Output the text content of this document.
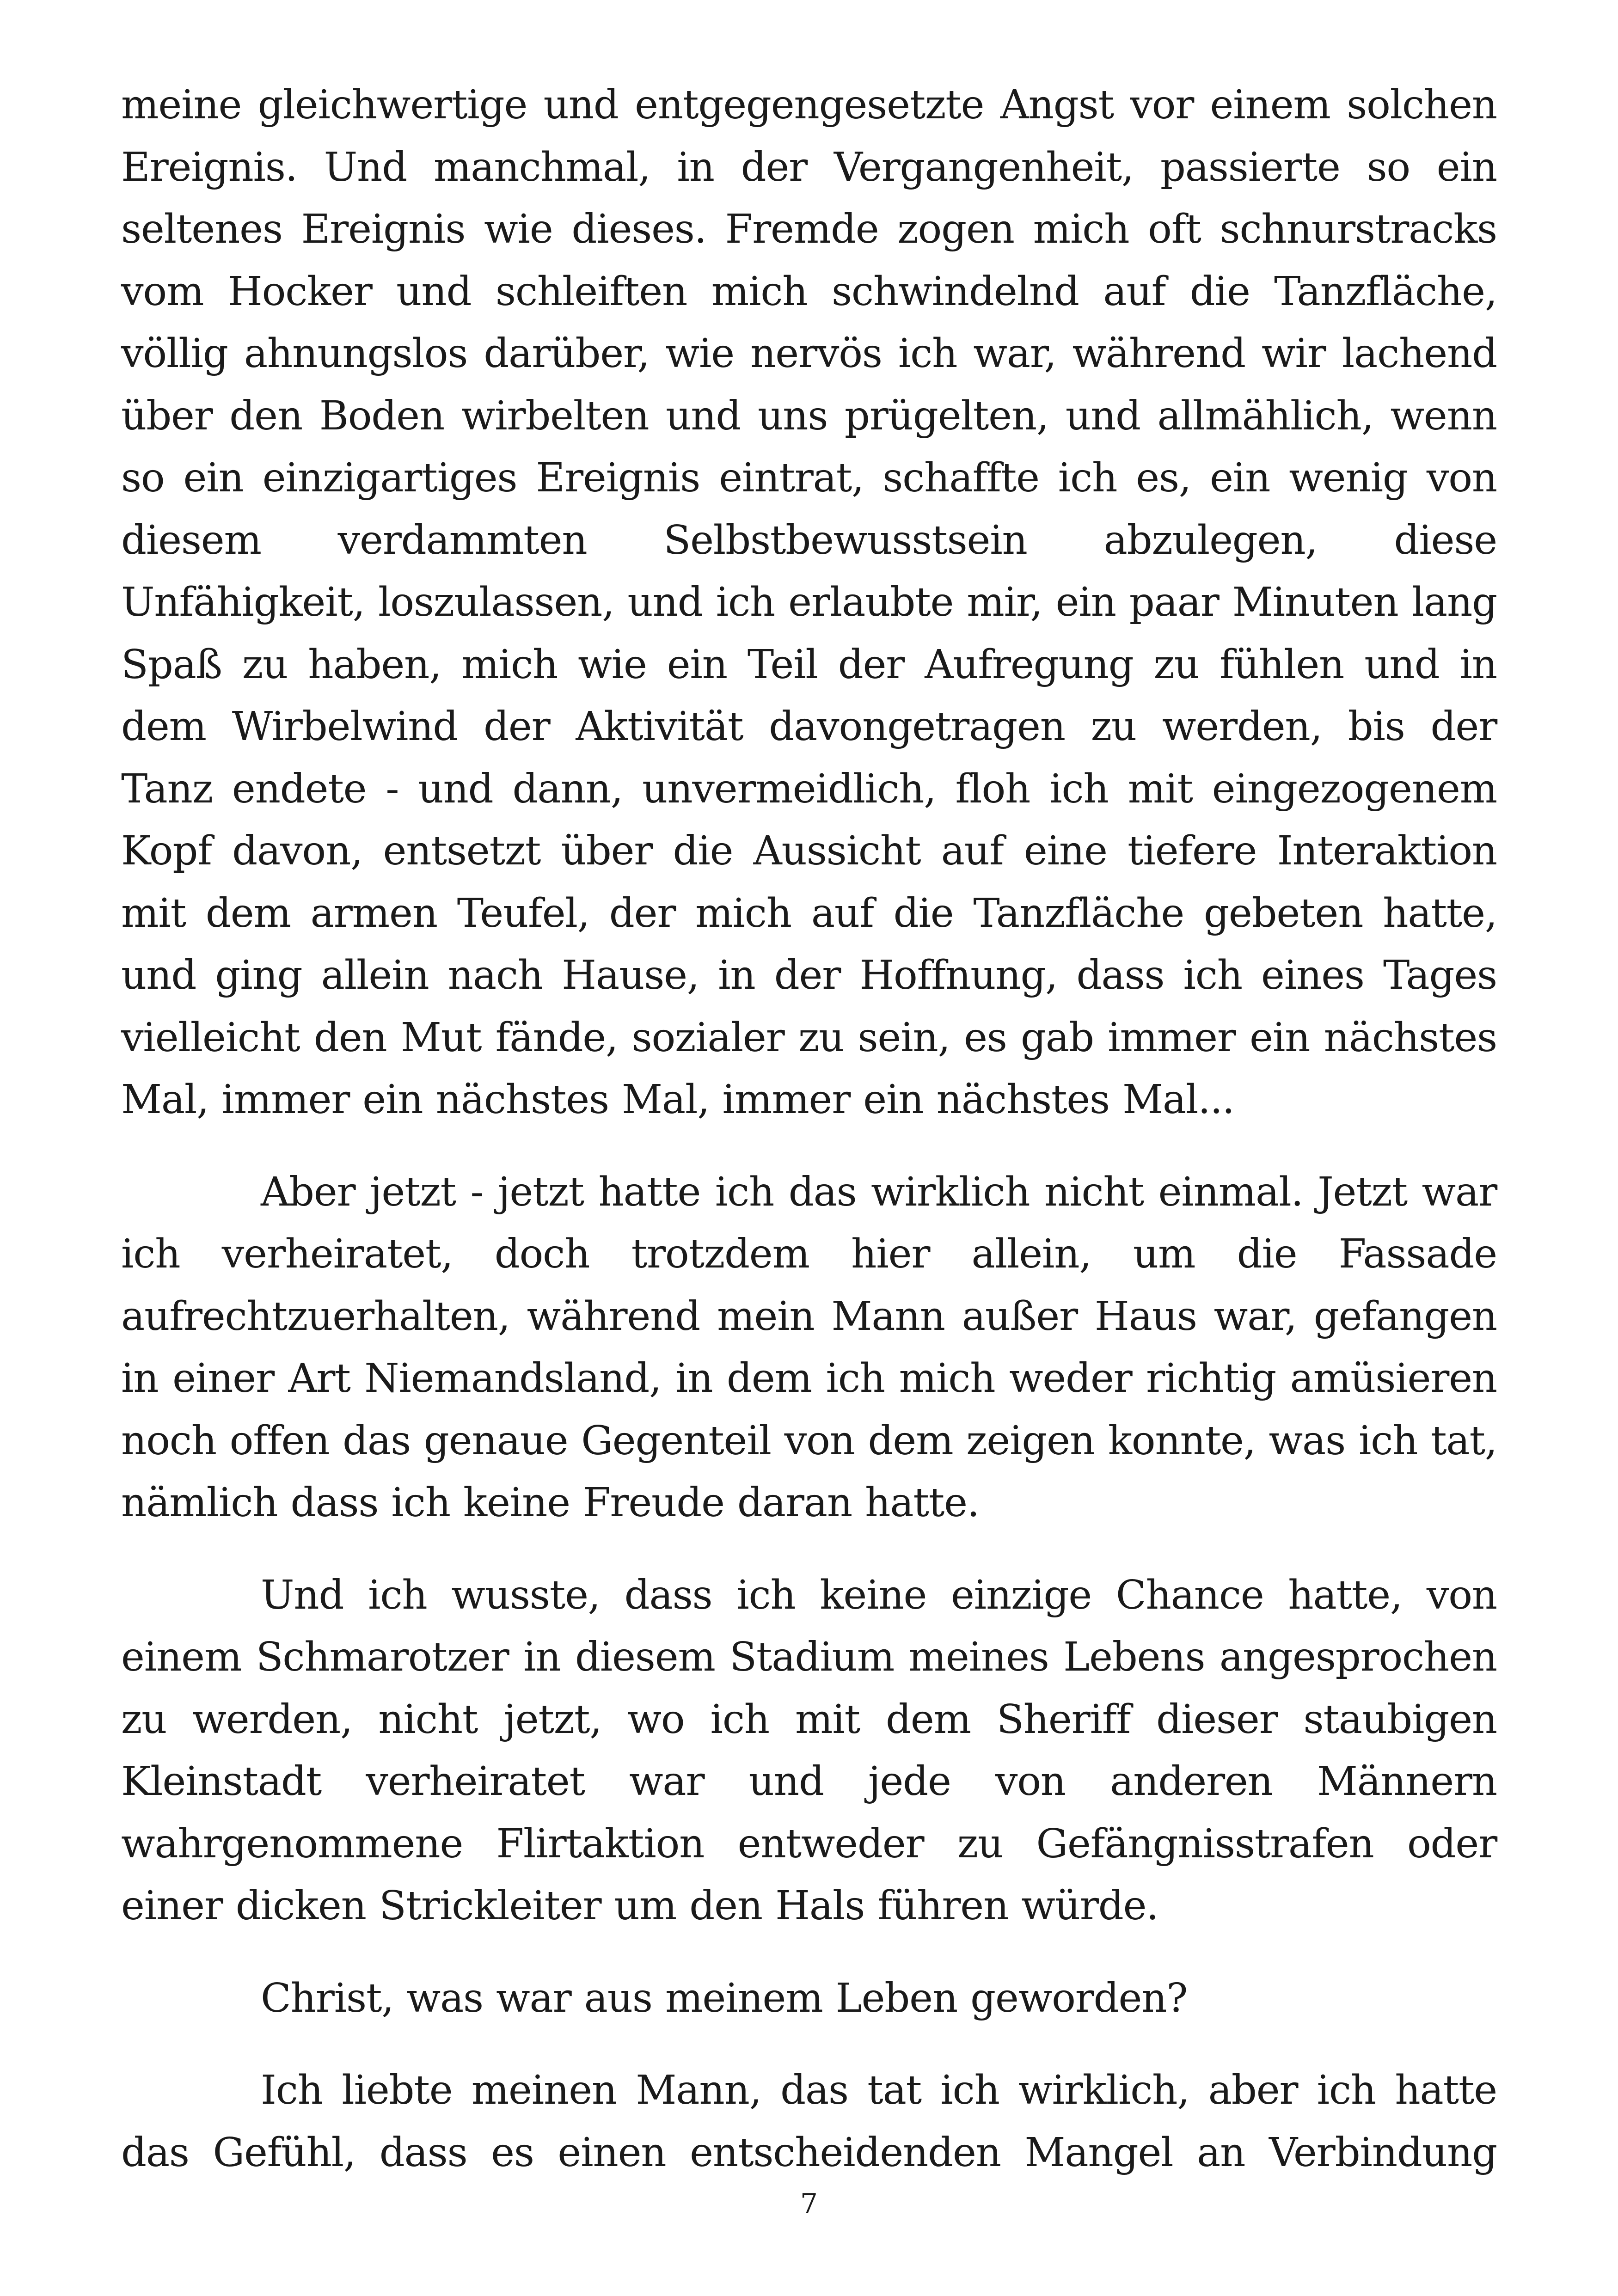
meine gleichwertige und entgegengesetzte Angst vor einem solchen Ereignis. Und manchmal, in der Vergangenheit, passierte so ein seltenes Ereignis wie dieses. Fremde zogen mich oft schnurstracks vom Hocker und schleiften mich schwindelnd auf die Tanzfläche, völlig ahnungslos darüber, wie nervös ich war, während wir lachend über den Boden wirbelten und uns prügelten, und allmählich, wenn so ein einzigartiges Ereignis eintrat, schaffte ich es, ein wenig von diesem verdammten Selbstbewusstsein abzulegen, diese Unfähigkeit, loszulassen, und ich erlaubte mir, ein paar Minuten lang Spaß zu haben, mich wie ein Teil der Aufregung zu fühlen und in dem Wirbelwind der Aktivität davongetragen zu werden, bis der Tanz endete - und dann, unvermeidlich, floh ich mit eingezogenem Kopf davon, entsetzt über die Aussicht auf eine tiefere Interaktion mit dem armen Teufel, der mich auf die Tanzfläche gebeten hatte, und ging allein nach Hause, in der Hoffnung, dass ich eines Tages vielleicht den Mut fände, sozialer zu sein, es gab immer ein nächstes Mal, immer ein nächstes Mal, immer ein nächstes Mal...

Aber jetzt - jetzt hatte ich das wirklich nicht einmal. Jetzt war ich verheiratet, doch trotzdem hier allein, um die Fassade aufrechtzuerhalten, während mein Mann außer Haus war, gefangen in einer Art Niemandsland, in dem ich mich weder richtig amüsieren noch offen das genaue Gegenteil von dem zeigen konnte, was ich tat, nämlich dass ich keine Freude daran hatte.

Und ich wusste, dass ich keine einzige Chance hatte, von einem Schmarotzer in diesem Stadium meines Lebens angesprochen zu werden, nicht jetzt, wo ich mit dem Sheriff dieser staubigen Kleinstadt verheiratet war und jede von anderen Männern wahrgenommene Flirtaktion entweder zu Gefängnisstrafen oder einer dicken Strickleiter um den Hals führen würde.

Christ, was war aus meinem Leben geworden?

Ich liebte meinen Mann, das tat ich wirklich, aber ich hatte das Gefühl, dass es einen entscheidenden Mangel an Verbindung

7
